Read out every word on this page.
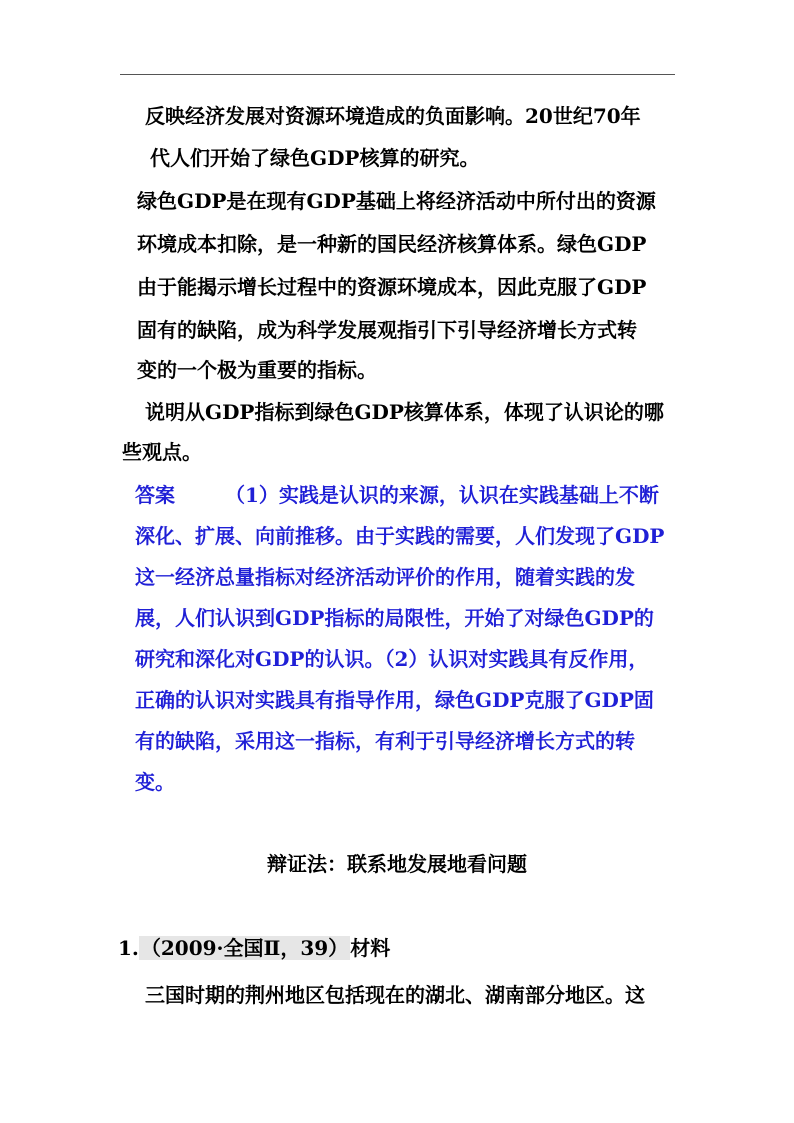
反映经济发展对资源环境造成的负面影响。20世纪70年
代人们开始了绿色GDP核算的研究。
绿色GDP是在现有GDP基础上将经济活动中所付出的资源
环境成本扣除，是一种新的国民经济核算体系。绿色GDP
由于能揭示增长过程中的资源环境成本，因此克服了GDP
固有的缺陷，成为科学发展观指引下引导经济增长方式转
变的一个极为重要的指标。
说明从GDP指标到绿色GDP核算体系，体现了认识论的哪
些观点。
答案	（1）实践是认识的来源，认识在实践基础上不断
深化、扩展、向前推移。由于实践的需要，人们发现了GDP
这一经济总量指标对经济活动评价的作用，随着实践的发
展，人们认识到GDP指标的局限性，开始了对绿色GDP的
研究和深化对GDP的认识。（2）认识对实践具有反作用，
正确的认识对实践具有指导作用，绿色GDP克服了GDP固
有的缺陷，采用这一指标，有利于引导经济增长方式的转
变。
辩证法：联系地发展地看问题
1. （2009·全国Ⅱ，39） 材料
三国时期的荆州地区包括现在的湖北、湖南部分地区。这
